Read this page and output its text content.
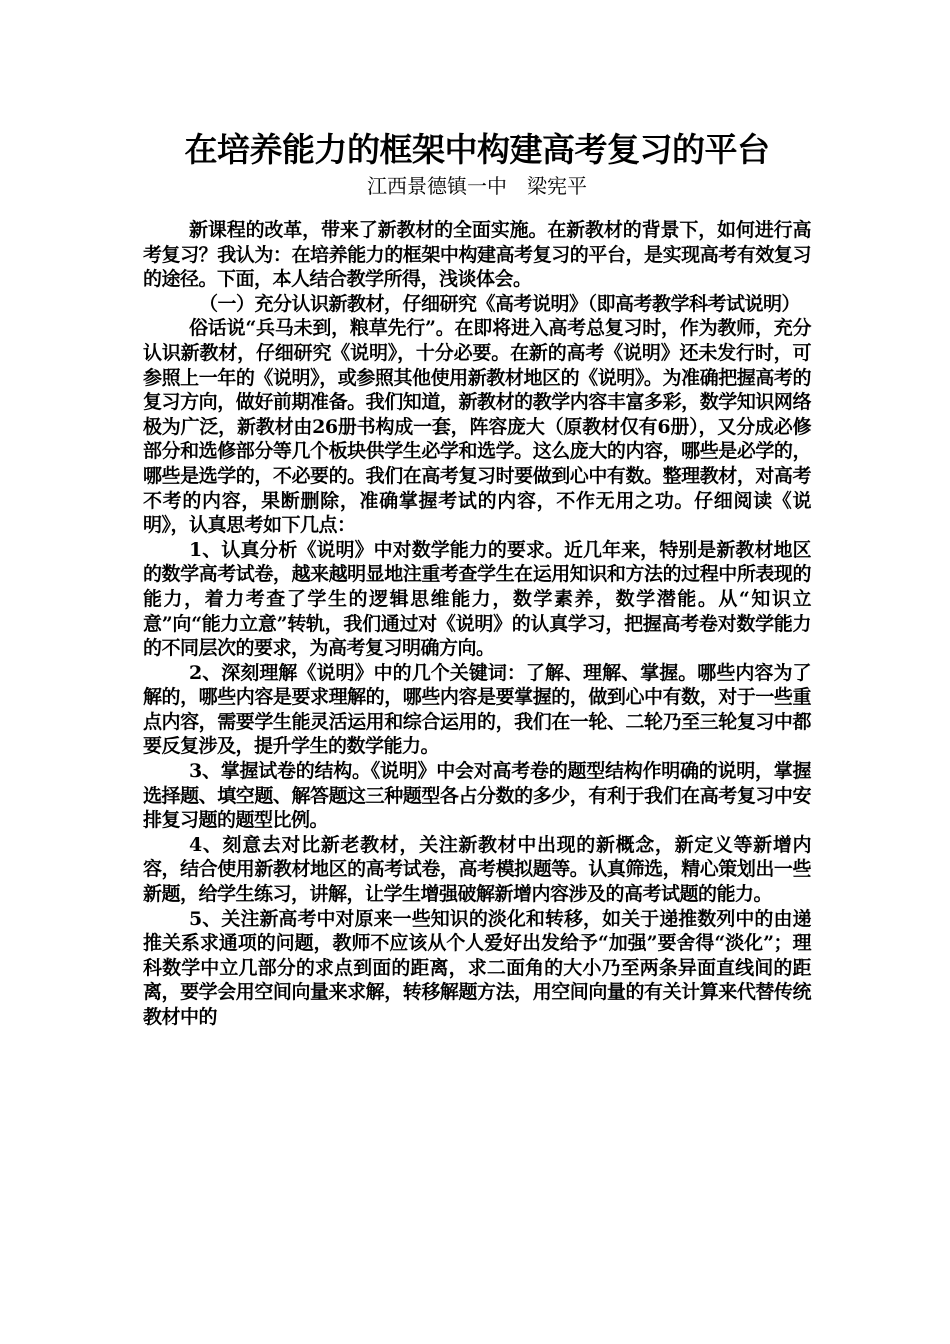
在培养能力的框架中构建高考复习的平台
江西景德镇一中　梁宪平

新课程的改革，带来了新教材的全面实施。在新教材的背景下，如何进行高考复习？我认为：在培养能力的框架中构建高考复习的平台，是实现高考有效复习的途径。下面，本人结合教学所得，浅谈体会。

（一）充分认识新教材，仔细研究《高考说明》（即高考教学科考试说明）

俗话说“兵马未到，粮草先行”。在即将进入高考总复习时，作为教师，充分认识新教材，仔细研究《说明》，十分必要。在新的高考《说明》还未发行时，可参照上一年的《说明》，或参照其他使用新教材地区的《说明》。为准确把握高考的复习方向，做好前期准备。我们知道，新教材的教学内容丰富多彩，数学知识网络极为广泛，新教材由26册书构成一套，阵容庞大（原教材仅有6册），又分成必修部分和选修部分等几个板块供学生必学和选学。这么庞大的内容，哪些是必学的，哪些是选学的，不必要的。我们在高考复习时要做到心中有数。整理教材，对高考不考的内容，果断删除，准确掌握考试的内容，不作无用之功。仔细阅读《说明》，认真思考如下几点：

1、认真分析《说明》中对数学能力的要求。近几年来，特别是新教材地区的数学高考试卷，越来越明显地注重考查学生在运用知识和方法的过程中所表现的能力，着力考查了学生的逻辑思维能力，数学素养，数学潜能。从“知识立意”向“能力立意”转轨，我们通过对《说明》的认真学习，把握高考卷对数学能力的不同层次的要求，为高考复习明确方向。

2、深刻理解《说明》中的几个关键词：了解、理解、掌握。哪些内容为了解的，哪些内容是要求理解的，哪些内容是要掌握的，做到心中有数，对于一些重点内容，需要学生能灵活运用和综合运用的，我们在一轮、二轮乃至三轮复习中都要反复涉及，提升学生的数学能力。

3、掌握试卷的结构。《说明》中会对高考卷的题型结构作明确的说明，掌握选择题、填空题、解答题这三种题型各占分数的多少，有利于我们在高考复习中安排复习题的题型比例。

4、刻意去对比新老教材，关注新教材中出现的新概念，新定义等新增内容，结合使用新教材地区的高考试卷，高考模拟题等。认真筛选，精心策划出一些新题，给学生练习，讲解，让学生增强破解新增内容涉及的高考试题的能力。

5、关注新高考中对原来一些知识的淡化和转移，如关于递推数列中的由递推关系求通项的问题，教师不应该从个人爱好出发给予“加强”要舍得“淡化”；理科数学中立几部分的求点到面的距离，求二面角的大小乃至两条异面直线间的距离，要学会用空间向量来求解，转移解题方法，用空间向量的有关计算来代替传统教材中的
